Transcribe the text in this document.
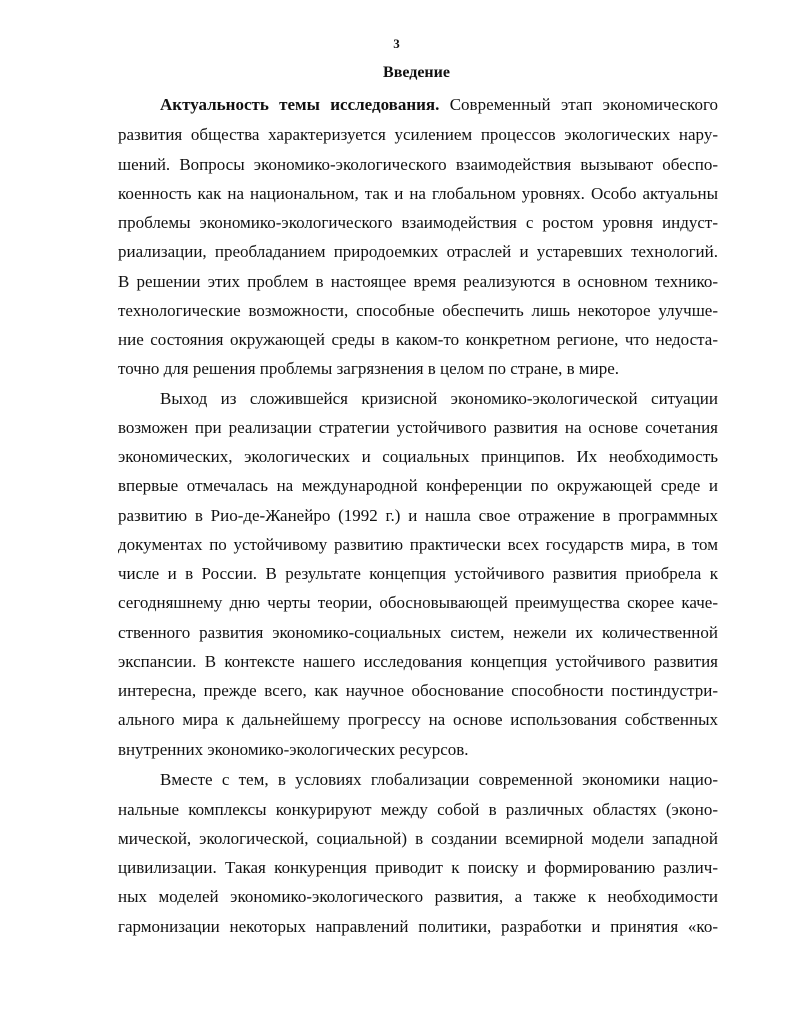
3
Введение
Актуальность темы исследования. Современный этап экономического
развития общества характеризуется усилением процессов экологических нару-
шений. Вопросы экономико-экологического взаимодействия вызывают обеспо-
коенность как на национальном, так и на глобальном уровнях. Особо актуальны
проблемы экономико-экологического взаимодействия с ростом уровня индуст-
риализации, преобладанием природоемких отраслей и устаревших технологий.
В решении этих проблем в настоящее время реализуются в основном технико-
технологические возможности, способные обеспечить лишь некоторое улучше-
ние состояния окружающей среды в каком-то конкретном регионе, что недоста-
точно для решения проблемы загрязнения в целом по стране, в мире.
Выход из сложившейся кризисной экономико-экологической ситуации
возможен при реализации стратегии устойчивого развития на основе сочетания
экономических, экологических и социальных принципов. Их необходимость
впервые отмечалась на международной конференции по окружающей среде и
развитию в Рио-де-Жанейро (1992 г.) и нашла свое отражение в программных
документах по устойчивому развитию практически всех государств мира, в том
числе и в России. В результате концепция устойчивого развития приобрела к
сегодняшнему дню черты теории, обосновывающей преимущества скорее каче-
ственного развития экономико-социальных систем, нежели их количественной
экспансии. В контексте нашего исследования концепция устойчивого развития
интересна, прежде всего, как научное обоснование способности постиндустри-
ального мира к дальнейшему прогрессу на основе использования собственных
внутренних экономико-экологических ресурсов.
Вместе с тем, в условиях глобализации современной экономики нацио-
нальные комплексы конкурируют между собой в различных областях (эконо-
мической, экологической, социальной) в создании всемирной модели западной
цивилизации. Такая конкуренция приводит к поиску и формированию различ-
ных моделей экономико-экологического развития, а также к необходимости
гармонизации некоторых направлений политики, разработки и принятия «ко-
